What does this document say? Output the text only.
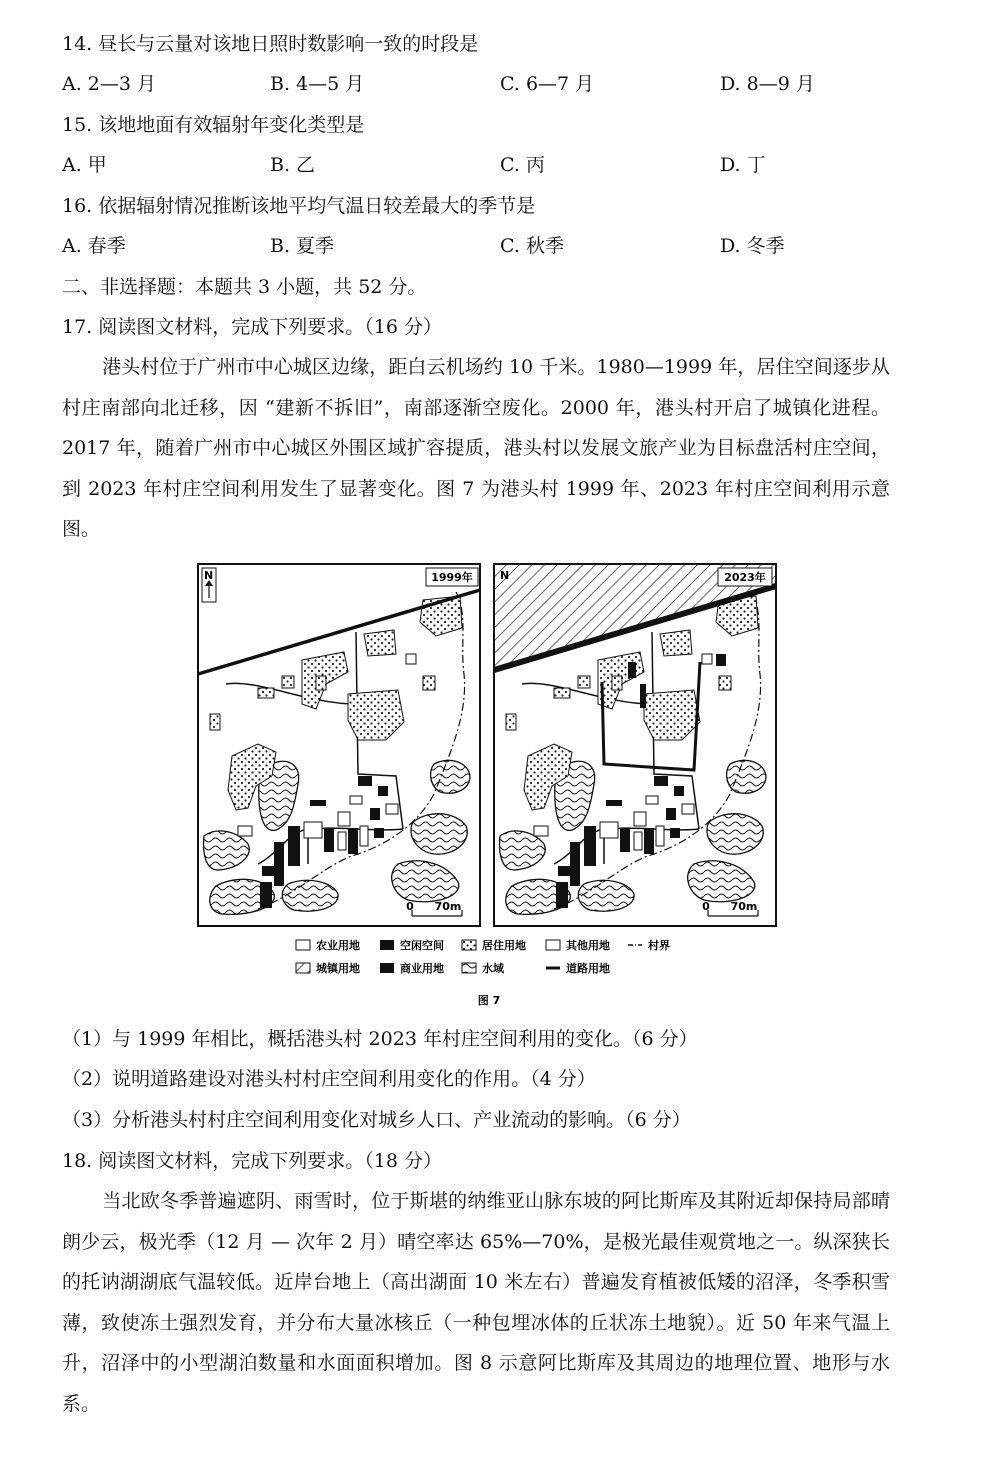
14. 昼长与云量对该地日照时数影响一致的时段是
A. 2—3 月	B. 4—5 月	C. 6—7 月	D. 8—9 月
15. 该地地面有效辐射年变化类型是
A. 甲	B. 乙	C. 丙	D. 丁
16. 依据辐射情况推断该地平均气温日较差最大的季节是
A. 春季	B. 夏季	C. 秋季	D. 冬季
二、非选择题：本题共 3 小题，共 52 分。
17. 阅读图文材料，完成下列要求。（16 分）
港头村位于广州市中心城区边缘，距白云机场约 10 千米。1980—1999 年，居住空间逐步从村庄南部向北迁移，因 “建新不拆旧”，南部逐渐空废化。2000 年，港头村开启了城镇化进程。2017 年，随着广州市中心城区外围区域扩容提质，港头村以发展文旅产业为目标盘活村庄空间，到 2023 年村庄空间利用发生了显著变化。图 7 为港头村 1999 年、2023 年村庄空间利用示意图。
1999年
N
0 70m
2023年
N
0 70m
农业用地	空闲空间	居住用地	其他用地	村界
城镇用地	商业用地	水域	道路用地
图 7
（1）与 1999 年相比，概括港头村 2023 年村庄空间利用的变化。（6 分）
（2）说明道路建设对港头村村庄空间利用变化的作用。（4 分）
（3）分析港头村村庄空间利用变化对城乡人口、产业流动的影响。（6 分）
18. 阅读图文材料，完成下列要求。（18 分）
当北欧冬季普遍遮阴、雨雪时，位于斯堪的纳维亚山脉东坡的阿比斯库及其附近却保持局部晴朗少云，极光季（12 月 — 次年 2 月）晴空率达 65%—70%，是极光最佳观赏地之一。纵深狭长的托讷湖湖底气温较低。近岸台地上（高出湖面 10 米左右）普遍发育植被低矮的沼泽，冬季积雪薄，致使冻土强烈发育，并分布大量冰核丘（一种包埋冰体的丘状冻土地貌）。近 50 年来气温上升，沼泽中的小型湖泊数量和水面面积增加。图 8 示意阿比斯库及其周边的地理位置、地形与水系。
